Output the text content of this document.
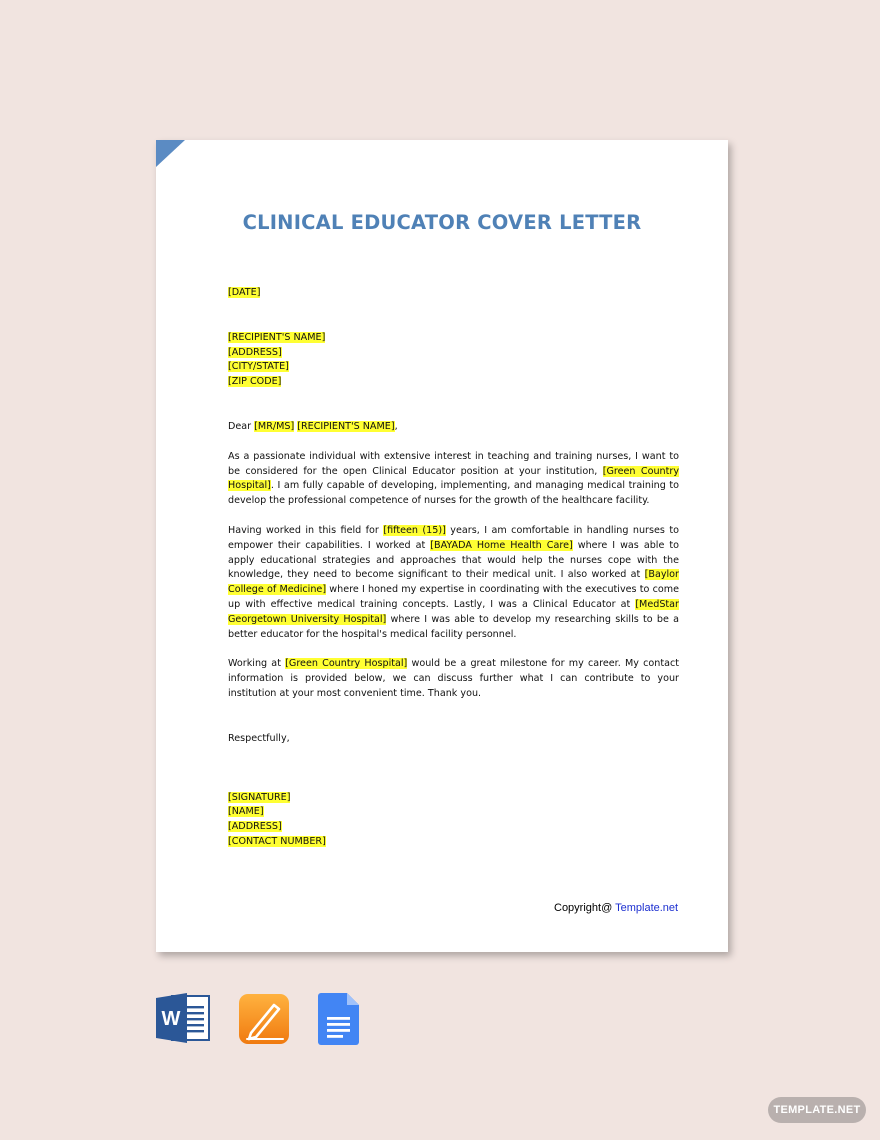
CLINICAL EDUCATOR COVER LETTER
[DATE]
[RECIPIENT'S NAME]
[ADDRESS]
[CITY/STATE]
[ZIP CODE]
Dear [MR/MS] [RECIPIENT'S NAME],

As a passionate individual with extensive interest in teaching and training nurses, I want to be considered for the open Clinical Educator position at your institution, [Green Country Hospital]. I am fully capable of developing, implementing, and managing medical training to develop the professional competence of nurses for the growth of the healthcare facility.

Having worked in this field for [fifteen (15)] years, I am comfortable in handling nurses to empower their capabilities. I worked at [BAYADA Home Health Care] where I was able to apply educational strategies and approaches that would help the nurses cope with the knowledge, they need to become significant to their medical unit. I also worked at [Baylor College of Medicine] where I honed my expertise in coordinating with the executives to come up with effective medical training concepts. Lastly, I was a Clinical Educator at [MedStar Georgetown University Hospital] where I was able to develop my researching skills to be a better educator for the hospital's medical facility personnel.

Working at [Green Country Hospital] would be a great milestone for my career. My contact information is provided below, we can discuss further what I can contribute to your institution at your most convenient time. Thank you.

Respectfully,
[SIGNATURE]
[NAME]
[ADDRESS]
[CONTACT NUMBER]
Copyright@ Template.net
W
TEMPLATE.NET
